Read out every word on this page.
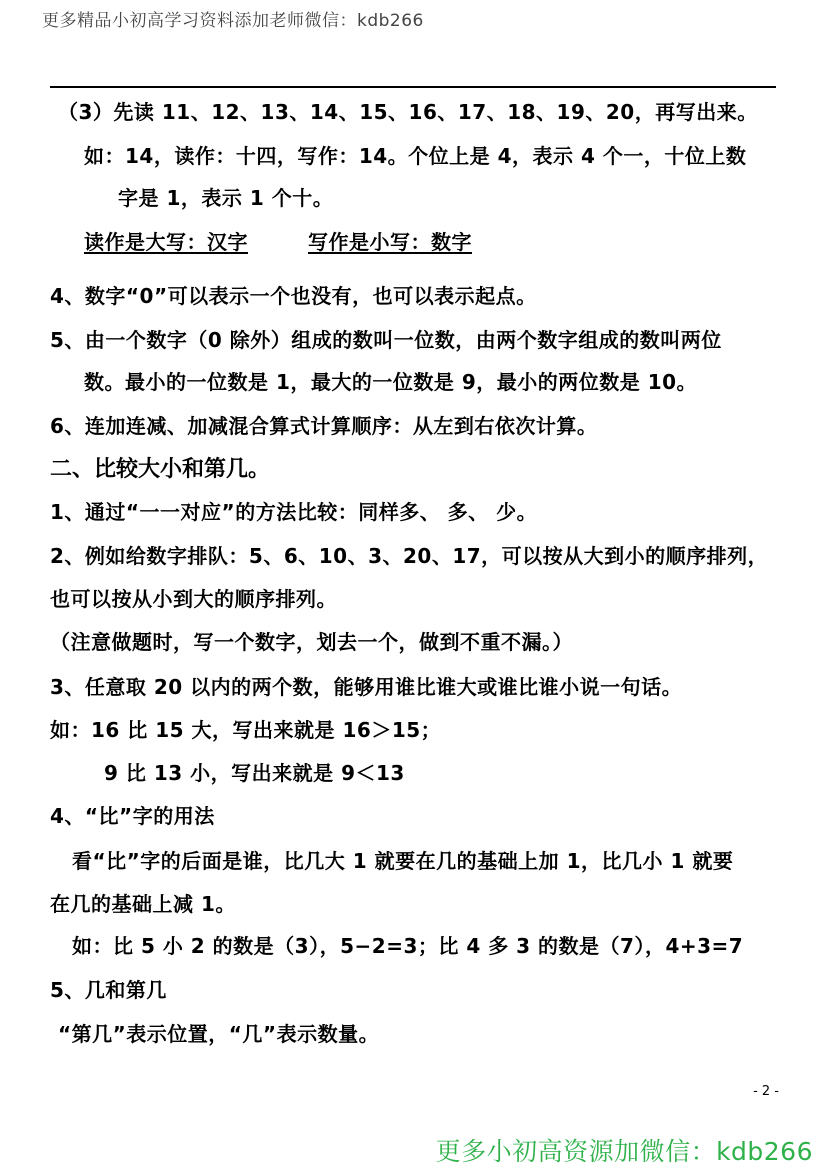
更多精品小初高学习资料添加老师微信：kdb266
（3）先读 11、12、13、14、15、16、17、18、19、20，再写出来。
如：14，读作：十四，写作：14。个位上是 4，表示 4 个一，十位上数
字是 1，表示 1 个十。
读作是大写：汉字	写作是小写：数字
4、数字“0”可以表示一个也没有，也可以表示起点。
5、由一个数字（0 除外）组成的数叫一位数，由两个数字组成的数叫两位
数。最小的一位数是 1，最大的一位数是 9，最小的两位数是 10。
6、连加连减、加减混合算式计算顺序：从左到右依次计算。
二、比较大小和第几。
1、通过“一一对应”的方法比较：同样多、 多、 少。
2、例如给数字排队：5、6、10、3、20、17，可以按从大到小的顺序排列，
也可以按从小到大的顺序排列。
（注意做题时，写一个数字，划去一个，做到不重不漏。）
3、任意取 20 以内的两个数，能够用谁比谁大或谁比谁小说一句话。
如：16 比 15 大，写出来就是 16＞15；
9 比 13 小，写出来就是 9＜13
4、“比”字的用法
看“比”字的后面是谁，比几大 1 就要在几的基础上加 1，比几小 1 就要
在几的基础上减 1。
如：比 5 小 2 的数是（3），5−2=3；比 4 多 3 的数是（7），4+3=7
5、几和第几
“第几”表示位置，“几”表示数量。
- 2 -
更多小初高资源加微信：kdb266
